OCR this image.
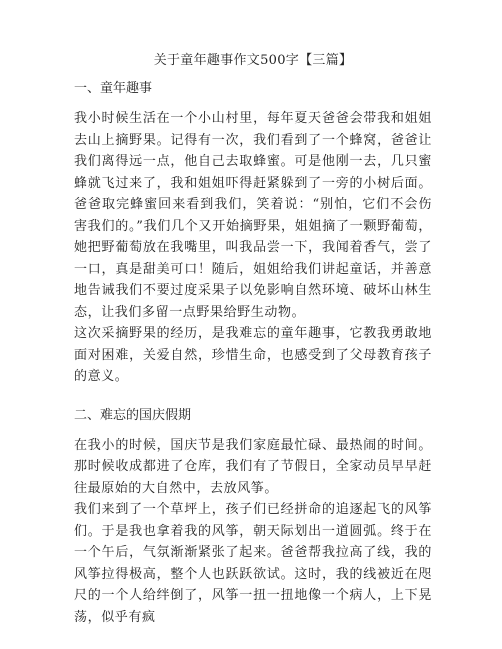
关于童年趣事作文500字【三篇】
一、童年趣事

我小时候生活在一个小山村里，每年夏天爸爸会带我和姐姐去山上摘野果。记得有一次，我们看到了一个蜂窝，爸爸让我们离得远一点，他自己去取蜂蜜。可是他刚一去，几只蜜蜂就飞过来了，我和姐姐吓得赶紧躲到了一旁的小树后面。爸爸取完蜂蜜回来看到我们，笑着说：“别怕，它们不会伤害我们的。”我们几个又开始摘野果，姐姐摘了一颗野葡萄，她把野葡萄放在我嘴里，叫我品尝一下，我闻着香气，尝了一口，真是甜美可口！随后，姐姐给我们讲起童话，并善意地告诫我们不要过度采果子以免影响自然环境、破坏山林生态，让我们多留一点野果给野生动物。

这次采摘野果的经历，是我难忘的童年趣事，它教我勇敢地面对困难，关爱自然，珍惜生命，也感受到了父母教育孩子的意义。

二、难忘的国庆假期

在我小的时候，国庆节是我们家庭最忙碌、最热闹的时间。那时候收成都进了仓库，我们有了节假日，全家动员早早赶往最原始的大自然中，去放风筝。

我们来到了一个草坪上，孩子们已经拼命的追逐起飞的风筝们。于是我也拿着我的风筝，朝天际划出一道圆弧。终于在一个午后，气氛渐渐紧张了起来。爸爸帮我拉高了线，我的风筝拉得极高，整个人也跃跃欲试。这时，我的线被近在咫尺的一个人给绊倒了，风筝一扭一扭地像一个病人，上下晃荡，似乎有疯
